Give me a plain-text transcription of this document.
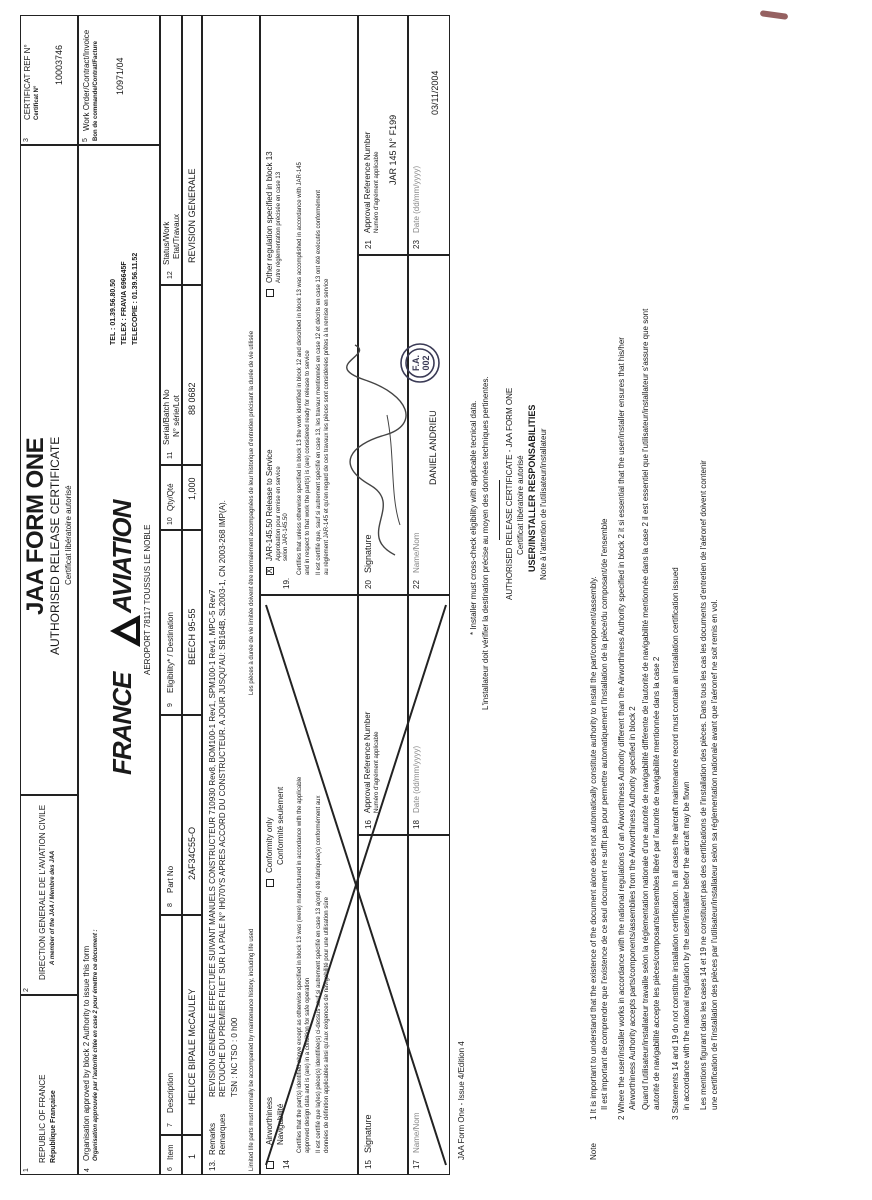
1
REPUBLIC OF FRANCE République Française
2
DIRECTION GENERALE DE L'AVIATION CIVILE A member of the JAA / Membre des JAA
JAA FORM ONE AUTHORISED RELEASE CERTIFICATE Certificat libératoire autorisé
3
CERTIFICAT REF N° Certificat N°
10003746
4
Organisation approved by block 2 Authority to issue this form Organisation approuvée par l'autorité citée en case 2 pour émettre ce document :
FRANCE
AVIATION AEROPORT 78117 TOUSSUS LE NOBLE
TEL : 01.39.56.80.50 TELEX : FRAVIA 696645F TELECOPIE : 01.39.56.11.52
5
Work Order/Contract/Invoice Bon de commande/Contrat/Facture 10971/04
6
Item
7
Description
8
Part No
9
Eligibility* / Destination
10
Qty/Qté
11
Serial/Batch No N° série/Lot
12
Status/Work Etat/Travaux
1
HELICE BIPALE McCAULEY
2AF34C55-O
BEECH 95-55
1,000
88 0682
REVISION GENERALE
13.
Remarks Remarques
REVISION GENERALE EFFECTUEE SUIVANT MANUELS CONSTRUCTEUR 710930 Rev8, BOM100-1 Rev1, SPM100-1 Rev1, MPC-5 Rev7 RETOUCHE DU PREMIER FILET SUR LA PALE N° IH070YS APRES ACCORD DU CONSTRUCTEUR. A JOUR JUSQU'AU: SB164B, SL2003-1, CN 2003-268 IMP(A). TSN : NC TSO : 0 h00 Limited life parts must normally be accompanied by maintenance history, including life used
Les pièces à durée de vie limitée doivent être normalement accompagnées de leur historique d'entretien précisant la durée de vie utilisée
14
Airworthiness Navigabilité
Conformity only Conformité seulement Certifies that the part(s) identified above except as otherwise specified in block 13 was (were) manufactured in accordance with the applicable approved design data and is (are) in a condition for safe operation Il est certifié que la(les) pièce(s) identifiée(s) ci-dessus sauf si autrement spécifié en case 13 a(ont) été fabriquée(s) conformément aux données de définition applicables ainsi qu'aux exigences de navigabilité pour une utilisation sûre
19.
X
JAR-145.50 Release to Service Approbation pour remise en service selon JAR-145.50
Other regulation specified in block 13 Autre réglementation précisée en case 13	Certifies that unless otherwise specified in block 13 the work identified in block 12 and described in block 13 was accomplished in accordance with JAR-145 and in respect to that work the part(s) is (are) considered ready for release to service Il est certifié que, sauf si autrement spécifié en case 13, les travaux mentionnés en case 12 et décrits en case 13 ont été exécutés conformément au règlement JAR-145 et qu'en regard de ces travaux les pièces sont considérées prêtes à la remise en service
15
Signature
16
Approval Reference Number Numéro d'agrément applicable
20
Signature
21
Approval Reference Number Numéro d'agrément applicable
JAR 145 N° F199
17
Name/Nom
18
Date (dd/mm/yyyy)
22
Name/Nom
DANIEL ANDRIEU
23
Date (dd/mm/yyyy)
03/11/2004
F.A. 002
JAA Form One - Issue 4/Edition 4
* Installer must cross-check eligibility with applicable tecnical data. L'installateur doit vérifier la destination précise au moyen des données techniques pertinentes. AUTHORISED RELEASE CERTIFICATE - JAA FORM ONE Certificat libératoire autorisé USER/INSTALLER RESPONSABILITIES Note à l'attention de l'utilisateur/installateur
Note
1 It is important to understand that the existence of the document alone does not automatically constitute authority to install the part/component/assembly. Il est important de comprendre que l'existence de ce seul document ne suffit pas pour permettre automatiquement l'installation de la pièce/du composant/de l'ensemble 2 Where the user/installer works in accordance with the national regulations of an Airworthiness Authority different than the Airworthiness Authority specified in block 2 it si essential that the user/installer ensures that his/her Airworthiness Authority accepts parts/components/assemblies from the Airworthiness Authority specified in block 2 Quand l'utilisateur/installateur travaille selon la réglementation nationale d'une autorité de navigabilité différente de l'autorité de navigabilité mentionnée dans la case 2 il est essentiel que l'utilisateur/installateur s'assure que sont autorité de navigabilité accepte les pièces/composants/ensembles libéré par l'autorité de navigabilité mentionnée dans la case 2 3 Statements 14 and 19 do not constitute installation certification. In all cases the aircraft maintenance record must contain an installation certification issued in accordance with the national regulation by the user/installer befor the aircraft may be flown Les mentions figurant dans les cases 14 et 19 ne constituent pas des certifications de l'installation des pièces. Dans tous les cas les documents d'entretien de l'aéronef doivent contenir une certification de l'installation des pièces par l'utilisateur/installateur selon sa réglementation nationale avant que l'aéronef ne soit remis en vol.
